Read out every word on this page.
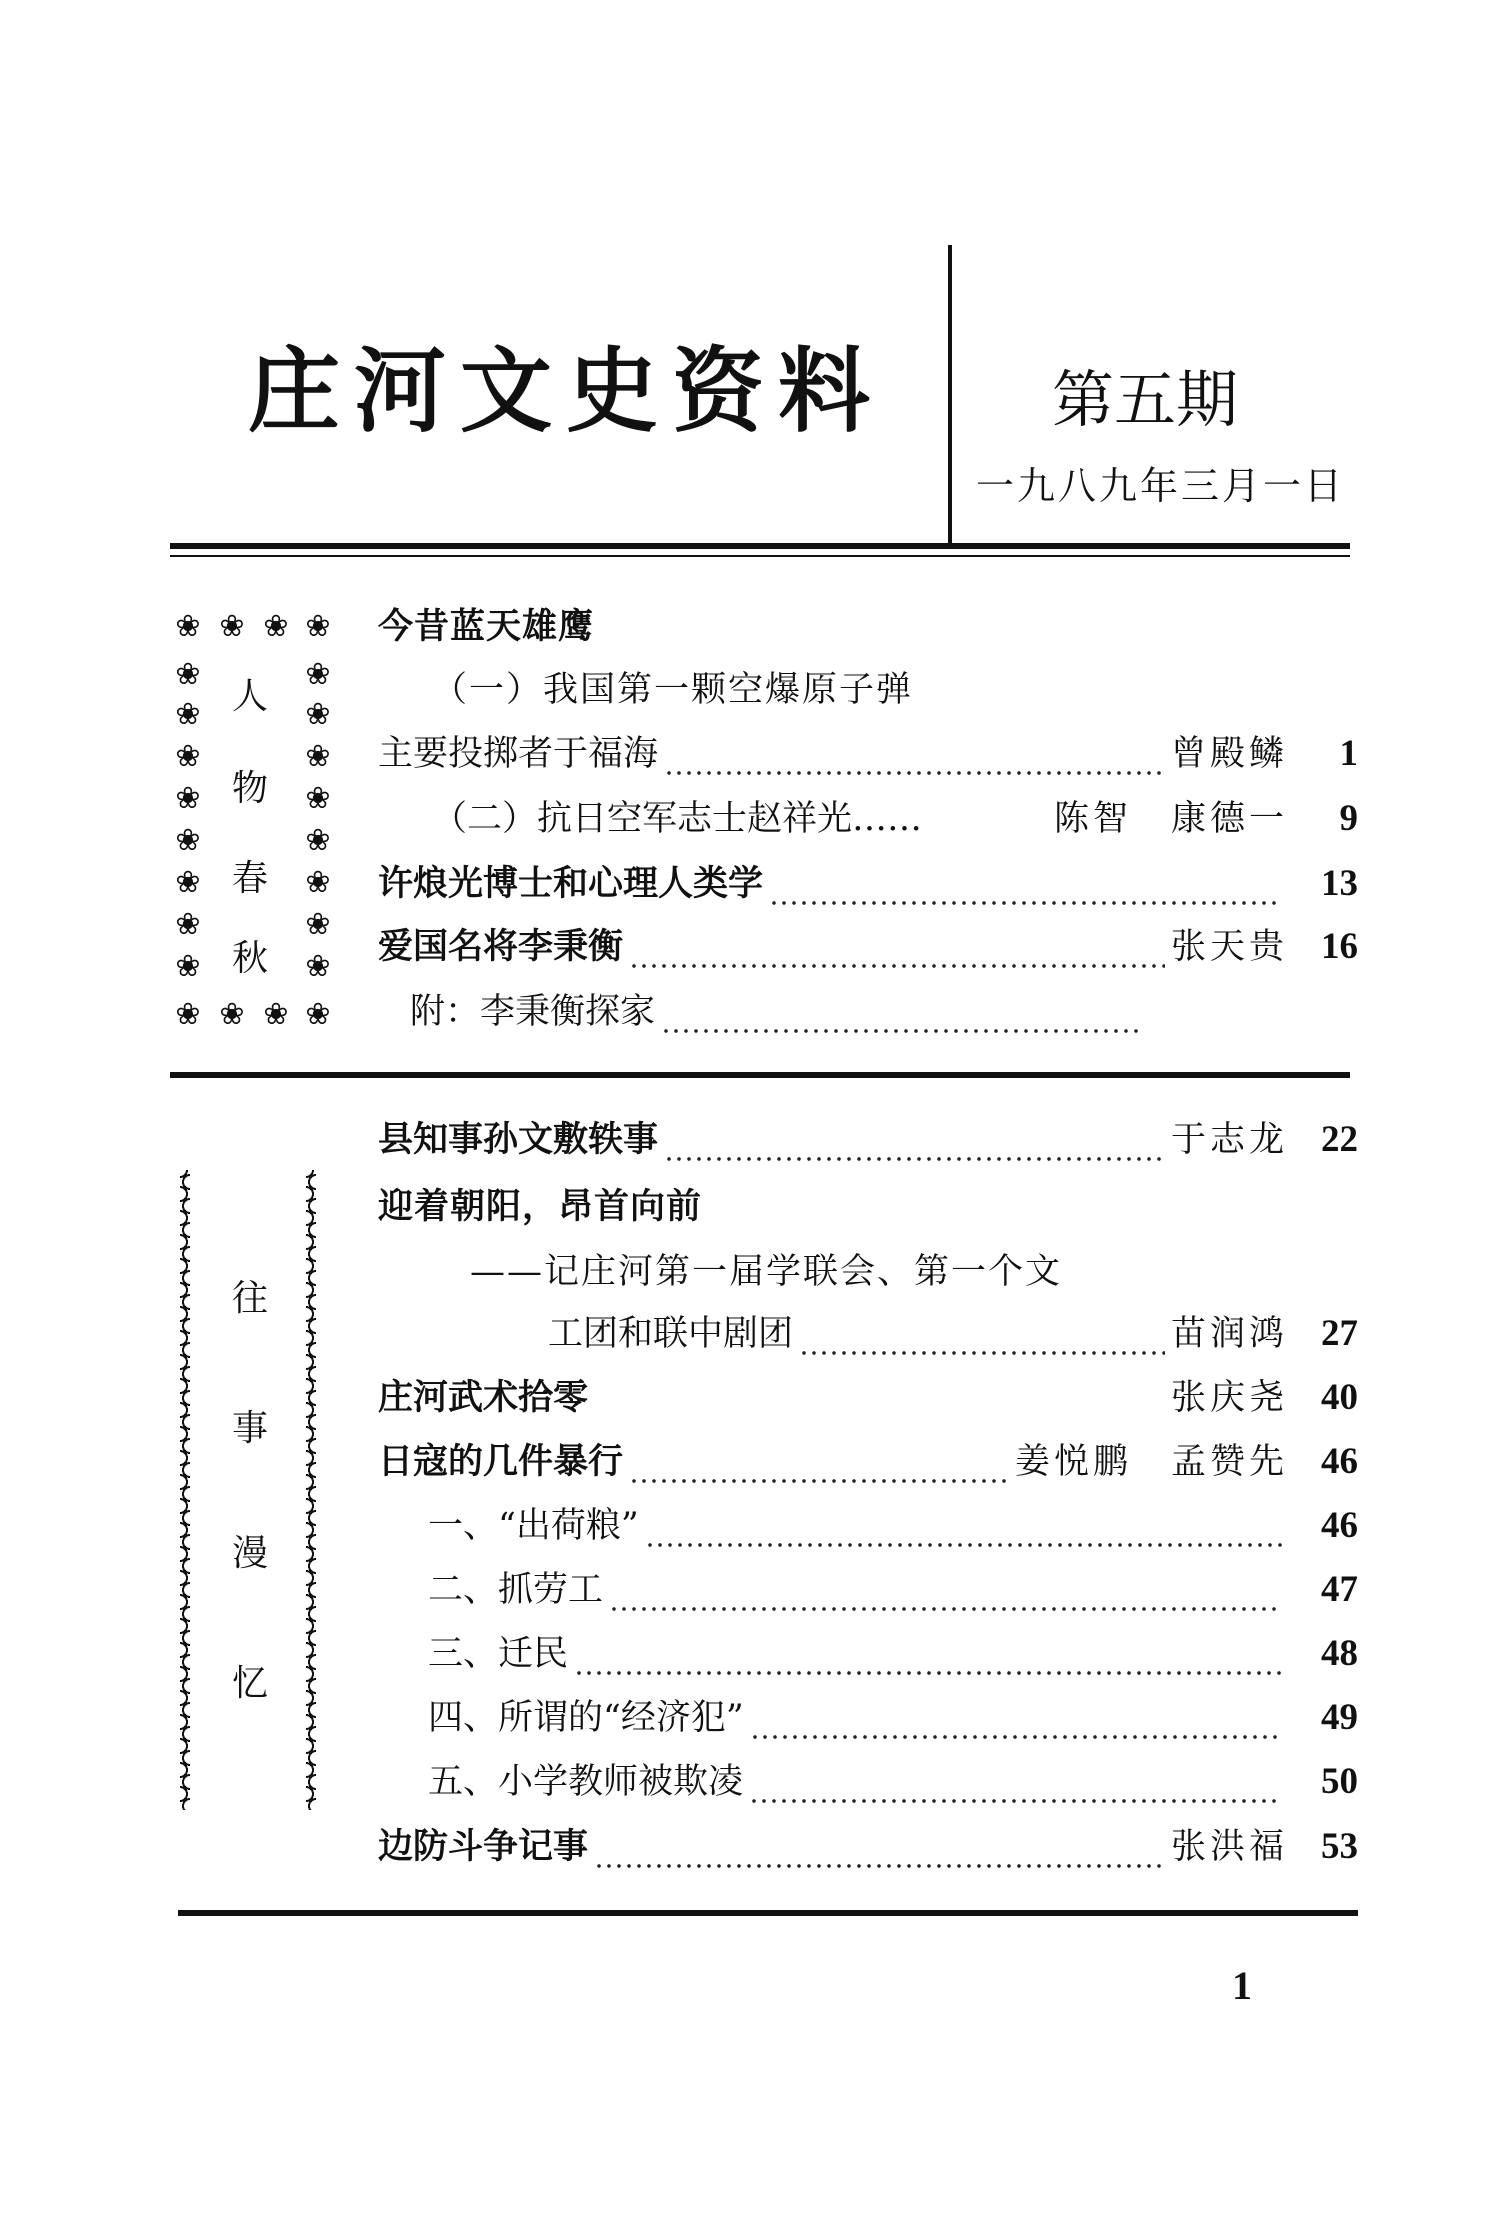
庄河文史资料	第五期
一九八九年三月一日
❀ ❀ ❀ ❀
❀ ❀ ❀ ❀
❀	❀
❀	❀
❀	❀
❀	❀
❀	❀
❀	❀
❀	❀
❀	❀
人
物
春
秋
今昔蓝天雄鹰
（一）我国第一颗空爆原子弹
主要投掷者于福海	曾殿鳞	1
（二）抗日空军志士赵祥光……	陈智　康德一	9
许烺光博士和心理人类学	13
爱国名将李秉衡	张天贵 16
附：李秉衡探家
往
事
漫
忆
县知事孙文敷轶事	于志龙 22
迎着朝阳，昂首向前
——记庄河第一届学联会、第一个文
工团和联中剧团	苗润鸿 27
庄河武术拾零	张庆尧 40
日寇的几件暴行	姜悦鹏　孟赞先 46
一、“出荷粮”	46
二、抓劳工	47
三、迁民	48
四、所谓的“经济犯”	49
五、小学教师被欺凌	50
边防斗争记事	张洪福 53
1
